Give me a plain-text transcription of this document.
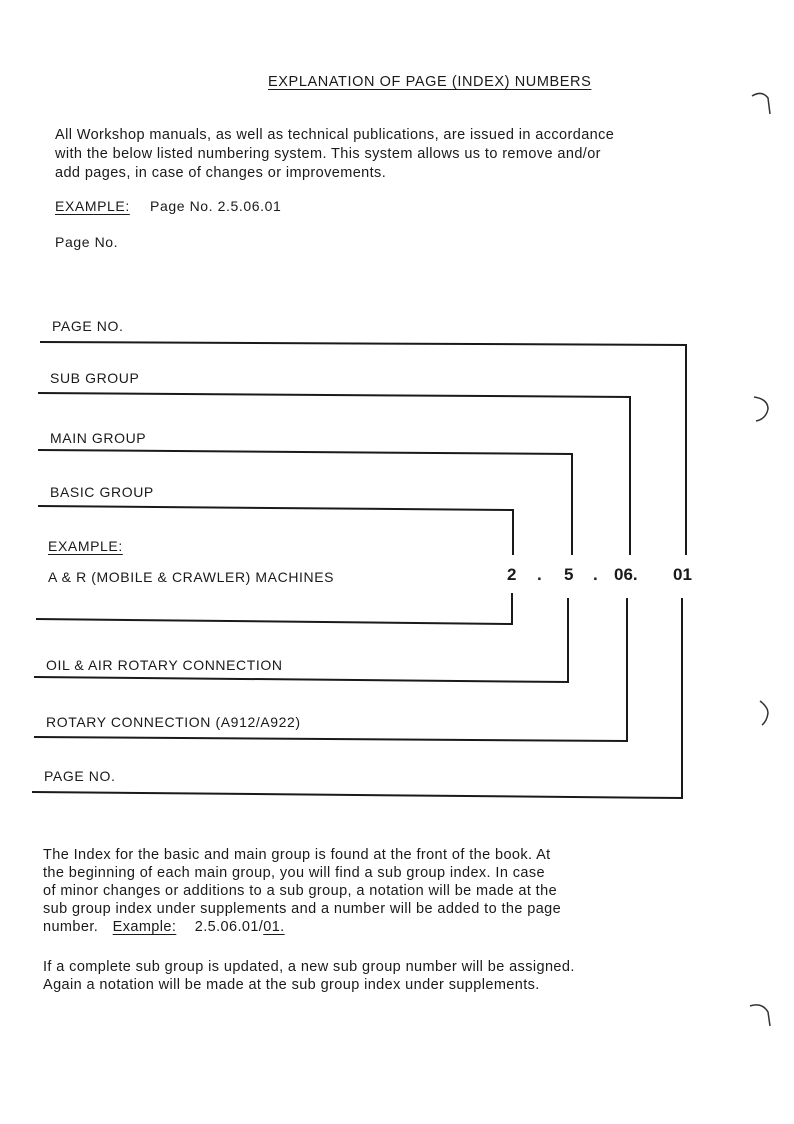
EXPLANATION OF PAGE (INDEX) NUMBERS
All Workshop manuals, as well as technical publications, are issued in accordance
with the below listed numbering system. This system allows us to remove and/or
add pages, in case of changes or improvements.
EXAMPLE: Page No. 2.5.06.01
Page No.
PAGE NO.
SUB GROUP
MAIN GROUP
BASIC GROUP
EXAMPLE:
A & R (MOBILE & CRAWLER) MACHINES	2 . 5 . 06. 01
OIL & AIR ROTARY CONNECTION
ROTARY CONNECTION (A912/A922)
PAGE NO.
The Index for the basic and main group is found at the front of the book. At
the beginning of each main group, you will find a sub group index. In case
of minor changes or additions to a sub group, a notation will be made at the
sub group index under supplements and a number will be added to the page
number. Example: 2.5.06.01/01.
If a complete sub group is updated, a new sub group number will be assigned.
Again a notation will be made at the sub group index under supplements.
